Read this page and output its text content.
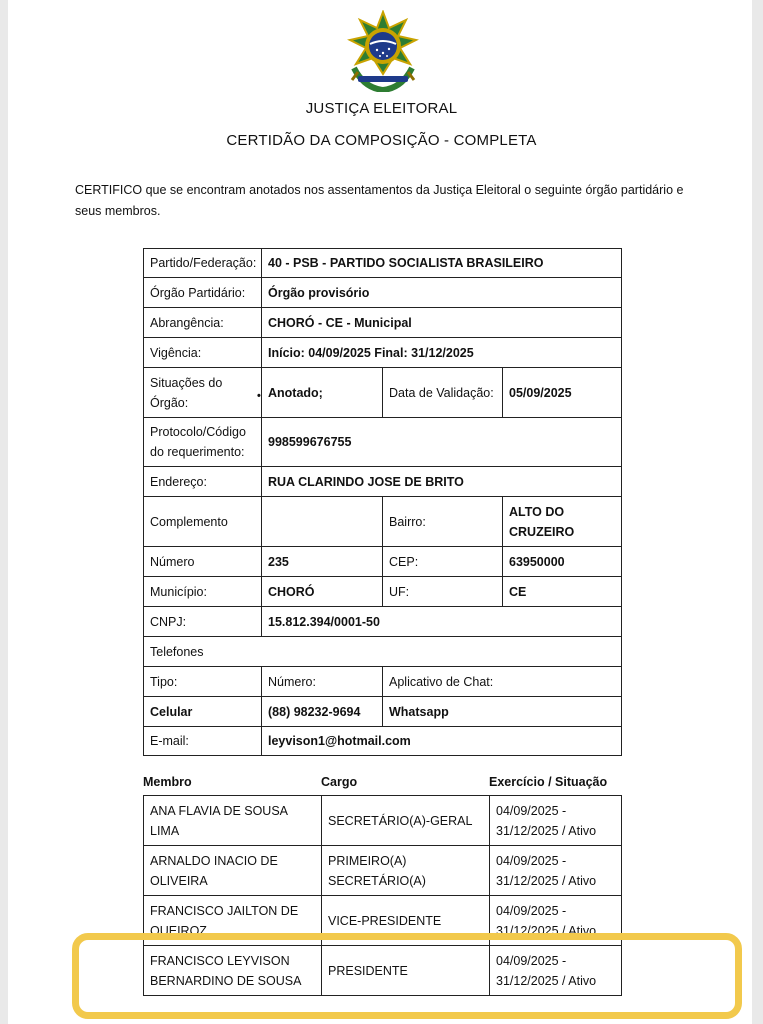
JUSTIÇA ELEITORAL
CERTIDÃO DA COMPOSIÇÃO - COMPLETA
CERTIFICO que se encontram anotados nos assentamentos da Justiça Eleitoral o seguinte órgão partidário e seus membros.
Partido/Federação:	40 - PSB - PARTIDO SOCIALISTA BRASILEIRO		
Órgão Partidário:	Órgão provisório		
Abrangência:	CHORÓ - CE - Municipal		
Vigência:	Início: 04/09/2025 Final: 31/12/2025		
Situações do Órgão:	• Anotado;	Data de Validação:	05/09/2025
Protocolo/Código do requerimento:	998599676755		
Endereço:	RUA CLARINDO JOSE DE BRITO		
Complemento		Bairro:	ALTO DO CRUZEIRO
Número	235	CEP:	63950000
Município:	CHORÓ	UF:	CE
CNPJ:	15.812.394/0001-50		
Telefones			
Tipo:	Número:	Aplicativo de Chat:	
Celular	(88) 98232-9694	Whatsapp	
E-mail:	leyvison1@hotmail.com		
Membro	Cargo	Exercício / Situação
ANA FLAVIA DE SOUSA LIMA	SECRETÁRIO(A)-GERAL	04/09/2025 - 31/12/2025 / Ativo
ARNALDO INACIO DE OLIVEIRA	PRIMEIRO(A) SECRETÁRIO(A)	04/09/2025 - 31/12/2025 / Ativo
FRANCISCO JAILTON DE QUEIROZ	VICE-PRESIDENTE	04/09/2025 - 31/12/2025 / Ativo
FRANCISCO LEYVISON BERNARDINO DE SOUSA	PRESIDENTE	04/09/2025 - 31/12/2025 / Ativo
